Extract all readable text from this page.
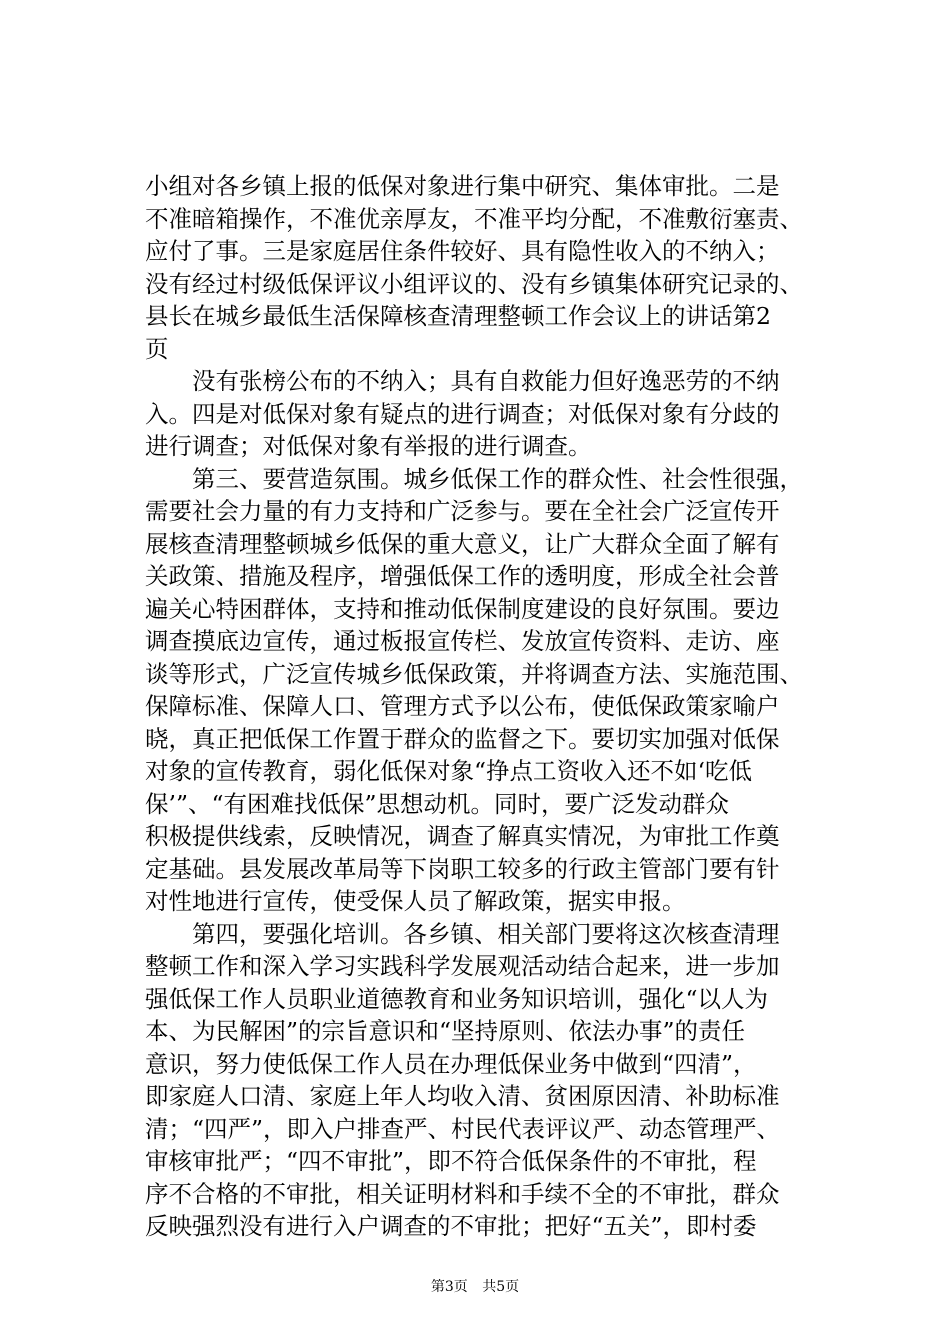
小组对各乡镇上报的低保对象进行集中研究、集体审批。二是
不准暗箱操作，不准优亲厚友，不准平均分配，不准敷衍塞责、
应付了事。三是家庭居住条件较好、具有隐性收入的不纳入；
没有经过村级低保评议小组评议的、没有乡镇集体研究记录的、
县长在城乡最低生活保障核查清理整顿工作会议上的讲话第2
页
没有张榜公布的不纳入；具有自救能力但好逸恶劳的不纳
入。四是对低保对象有疑点的进行调查；对低保对象有分歧的
进行调查；对低保对象有举报的进行调查。
第三、要营造氛围。城乡低保工作的群众性、社会性很强，
需要社会力量的有力支持和广泛参与。要在全社会广泛宣传开
展核查清理整顿城乡低保的重大意义，让广大群众全面了解有
关政策、措施及程序，增强低保工作的透明度，形成全社会普
遍关心特困群体，支持和推动低保制度建设的良好氛围。要边
调查摸底边宣传，通过板报宣传栏、发放宣传资料、走访、座
谈等形式，广泛宣传城乡低保政策，并将调查方法、实施范围、
保障标准、保障人口、管理方式予以公布，使低保政策家喻户
晓，真正把低保工作置于群众的监督之下。要切实加强对低保
对象的宣传教育，弱化低保对象“挣点工资收入还不如‘吃低
保’”、“有困难找低保”思想动机。同时，要广泛发动群众
积极提供线索，反映情况，调查了解真实情况，为审批工作奠
定基础。县发展改革局等下岗职工较多的行政主管部门要有针
对性地进行宣传，使受保人员了解政策，据实申报。
第四，要强化培训。各乡镇、相关部门要将这次核查清理
整顿工作和深入学习实践科学发展观活动结合起来，进一步加
强低保工作人员职业道德教育和业务知识培训，强化“以人为
本、为民解困”的宗旨意识和“坚持原则、依法办事”的责任
意识，努力使低保工作人员在办理低保业务中做到“四清”，
即家庭人口清、家庭上年人均收入清、贫困原因清、补助标准
清；“四严”，即入户排查严、村民代表评议严、动态管理严、
审核审批严；“四不审批”，即不符合低保条件的不审批，程
序不合格的不审批，相关证明材料和手续不全的不审批，群众
反映强烈没有进行入户调查的不审批；把好“五关”，即村委
第3页 共5页
